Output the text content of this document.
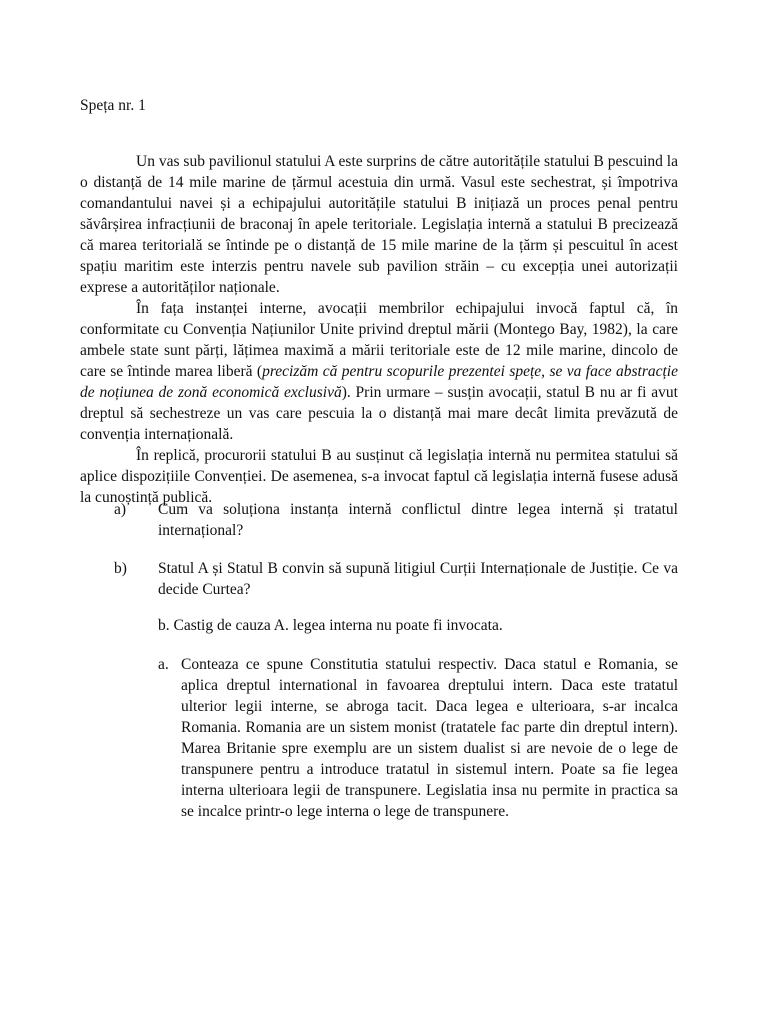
Speța nr. 1

Un vas sub pavilionul statului A este surprins de către autoritățile statului B pescuind la o distanță de 14 mile marine de țărmul acestuia din urmă. Vasul este sechestrat, și împotriva comandantului navei și a echipajului autoritățile statului B inițiază un proces penal pentru săvârșirea infracțiunii de braconaj în apele teritoriale. Legislația internă a statului B precizează că marea teritorială se întinde pe o distanță de 15 mile marine de la țărm și pescuitul în acest spațiu maritim este interzis pentru navele sub pavilion străin – cu excepția unei autorizații exprese a autorităților naționale.

În fața instanței interne, avocații membrilor echipajului invocă faptul că, în conformitate cu Convenția Națiunilor Unite privind dreptul mării (Montego Bay, 1982), la care ambele state sunt părți, lățimea maximă a mării teritoriale este de 12 mile marine, dincolo de care se întinde marea liberă (precizăm că pentru scopurile prezentei spețe, se va face abstracție de noțiunea de zonă economică exclusivă). Prin urmare – susțin avocații, statul B nu ar fi avut dreptul să sechestreze un vas care pescuia la o distanță mai mare decât limita prevăzută de convenția internațională.

În replică, procurorii statului B au susținut că legislația internă nu permitea statului să aplice dispozițiile Convenției. De asemenea, s-a invocat faptul că legislația internă fusese adusă la cunoștință publică.

a) Cum va soluționa instanța internă conflictul dintre legea internă și tratatul internațional?
b) Statul A și Statul B convin să supună litigiul Curții Internaționale de Justiție. Ce va decide Curtea?
b. Castig de cauza A. legea interna nu poate fi invocata.
a. Conteaza ce spune Constitutia statului respectiv. Daca statul e Romania, se aplica dreptul international in favoarea dreptului intern. Daca este tratatul ulterior legii interne, se abroga tacit. Daca legea e ulterioara, s-ar incalca Romania. Romania are un sistem monist (tratatele fac parte din dreptul intern). Marea Britanie spre exemplu are un sistem dualist si are nevoie de o lege de transpunere pentru a introduce tratatul in sistemul intern. Poate sa fie legea interna ulterioara legii de transpunere. Legislatia insa nu permite in practica sa se incalce printr-o lege interna o lege de transpunere.
